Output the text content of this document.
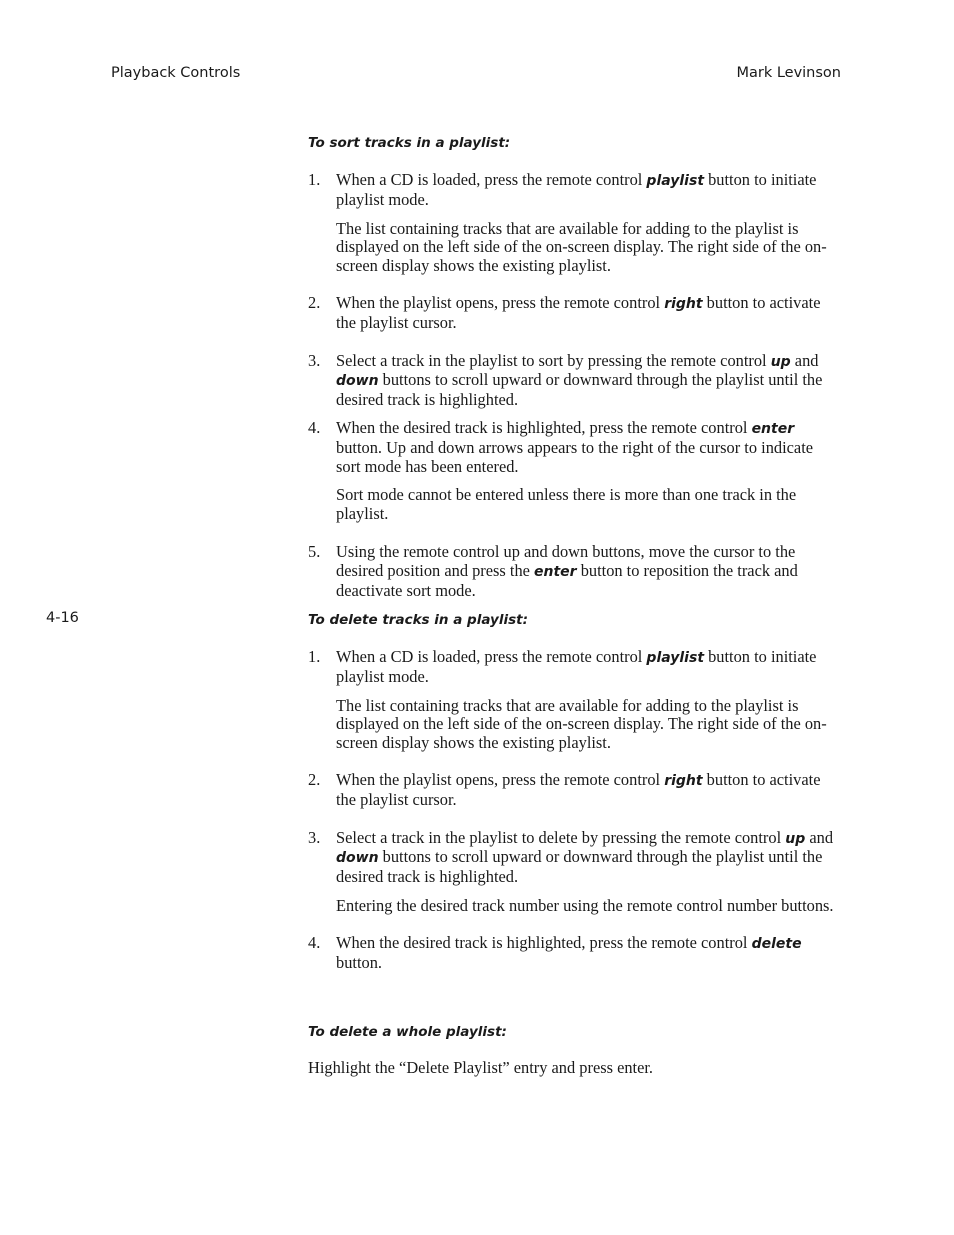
Playback Controls	Mark Levinson
4-16

To sort tracks in a playlist:

1. When a CD is loaded, press the remote control playlist button to initiate playlist mode.
The list containing tracks that are available for adding to the playlist is displayed on the left side of the on-screen display. The right side of the on-screen display shows the existing playlist.
2. When the playlist opens, press the remote control right button to activate the playlist cursor.
3. Select a track in the playlist to sort by pressing the remote control up and down buttons to scroll upward or downward through the playlist until the desired track is highlighted.
4. When the desired track is highlighted, press the remote control enter button. Up and down arrows appears to the right of the cursor to indicate sort mode has been entered.
Sort mode cannot be entered unless there is more than one track in the playlist.
5. Using the remote control up and down buttons, move the cursor to the desired position and press the enter button to reposition the track and deactivate sort mode.

To delete tracks in a playlist:

1. When a CD is loaded, press the remote control playlist button to initiate playlist mode.
The list containing tracks that are available for adding to the playlist is displayed on the left side of the on-screen display. The right side of the on-screen display shows the existing playlist.
2. When the playlist opens, press the remote control right button to activate the playlist cursor.
3. Select a track in the playlist to delete by pressing the remote control up and down buttons to scroll upward or downward through the playlist until the desired track is highlighted.
Entering the desired track number using the remote control number buttons.
4. When the desired track is highlighted, press the remote control delete button.

To delete a whole playlist:

Highlight the “Delete Playlist” entry and press enter.
